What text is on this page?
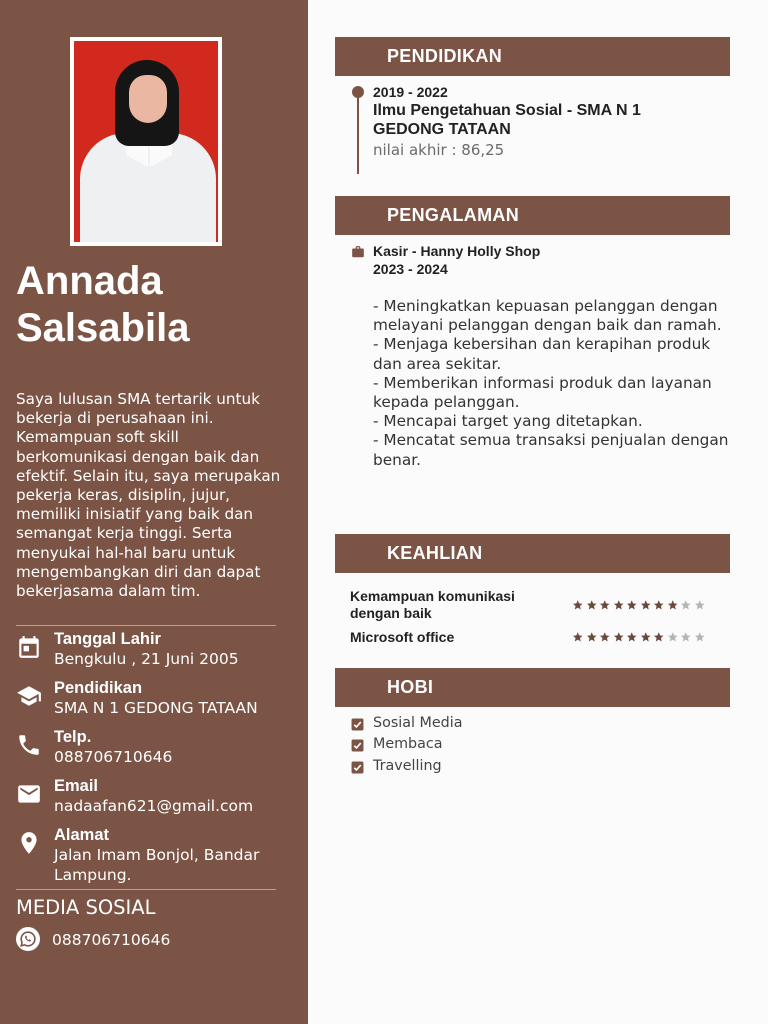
Annada
Salsabila
Saya lulusan SMA tertarik untuk bekerja di perusahaan ini. Kemampuan soft skill berkomunikasi dengan baik dan efektif. Selain itu, saya merupakan pekerja keras, disiplin, jujur, memiliki inisiatif yang baik dan semangat kerja tinggi. Serta menyukai hal-hal baru untuk mengembangkan diri dan dapat bekerjasama dalam tim.
Tanggal Lahir
Bengkulu , 21 Juni 2005
Pendidikan
SMA N 1 GEDONG TATAAN
Telp.
088706710646
Email
nadaafan621@gmail.com
Alamat
Jalan Imam Bonjol, Bandar Lampung.
MEDIA SOSIAL
088706710646
PENDIDIKAN
2019 - 2022
Ilmu Pengetahuan Sosial - SMA N 1 GEDONG TATAAN
nilai akhir : 86,25
PENGALAMAN
Kasir - Hanny Holly Shop
2023 - 2024
- Meningkatkan kepuasan pelanggan dengan melayani pelanggan dengan baik dan ramah.
- Menjaga kebersihan dan kerapihan produk dan area sekitar.
- Memberikan informasi produk dan layanan kepada pelanggan.
- Mencapai target yang ditetapkan.
- Mencatat semua transaksi penjualan dengan benar.
KEAHLIAN
Kemampuan komunikasi dengan baik
Microsoft office
HOBI
Sosial Media
Membaca
Travelling
